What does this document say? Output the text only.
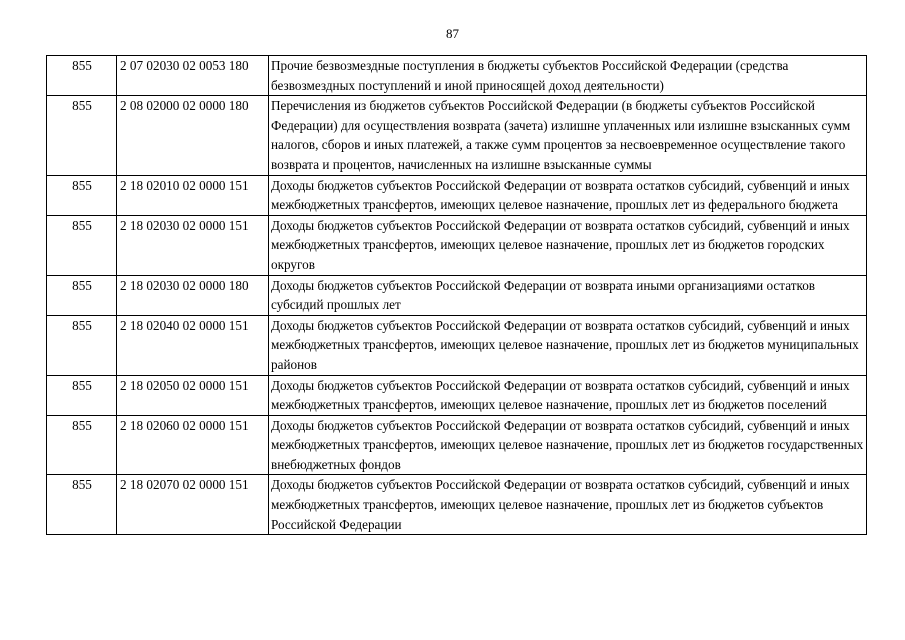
87
855	2 07 02030 02 0053 180	Прочие безвозмездные поступления в бюджеты субъектов Российской Федерации (средства безвозмездных поступлений и иной приносящей доход деятельности)
855	2 08 02000 02 0000 180	Перечисления из бюджетов субъектов Российской Федерации (в бюджеты субъектов Российской Федерации) для осуществления возврата (зачета) излишне уплаченных или излишне взысканных сумм налогов, сборов и иных платежей, а также сумм процентов за несвоевременное осуществление такого возврата и процентов, начисленных на излишне взысканные суммы
855	2 18 02010 02 0000 151	Доходы бюджетов субъектов Российской Федерации от возврата остатков субсидий, субвенций и иных межбюджетных трансфертов, имеющих целевое назначение, прошлых лет из федерального бюджета
855	2 18 02030 02 0000 151	Доходы бюджетов субъектов Российской Федерации от возврата остатков субсидий, субвенций и иных межбюджетных трансфертов, имеющих целевое назначение, прошлых лет из бюджетов городских округов
855	2 18 02030 02 0000 180	Доходы бюджетов субъектов Российской Федерации от возврата иными организациями остатков субсидий прошлых лет
855	2 18 02040 02 0000 151	Доходы бюджетов субъектов Российской Федерации от возврата остатков субсидий, субвенций и иных межбюджетных трансфертов, имеющих целевое назначение, прошлых лет из бюджетов муниципальных районов
855	2 18 02050 02 0000 151	Доходы бюджетов субъектов Российской Федерации от возврата остатков субсидий, субвенций и иных межбюджетных трансфертов, имеющих целевое назначение, прошлых лет из бюджетов поселений
855	2 18 02060 02 0000 151	Доходы бюджетов субъектов Российской Федерации от возврата остатков субсидий, субвенций и иных межбюджетных трансфертов, имеющих целевое назначение, прошлых лет из бюджетов государственных внебюджетных фондов
855	2 18 02070 02 0000 151	Доходы бюджетов субъектов Российской Федерации от возврата остатков субсидий, субвенций и иных межбюджетных трансфертов, имеющих целевое назначение, прошлых лет из бюджетов субъектов Российской Федерации
